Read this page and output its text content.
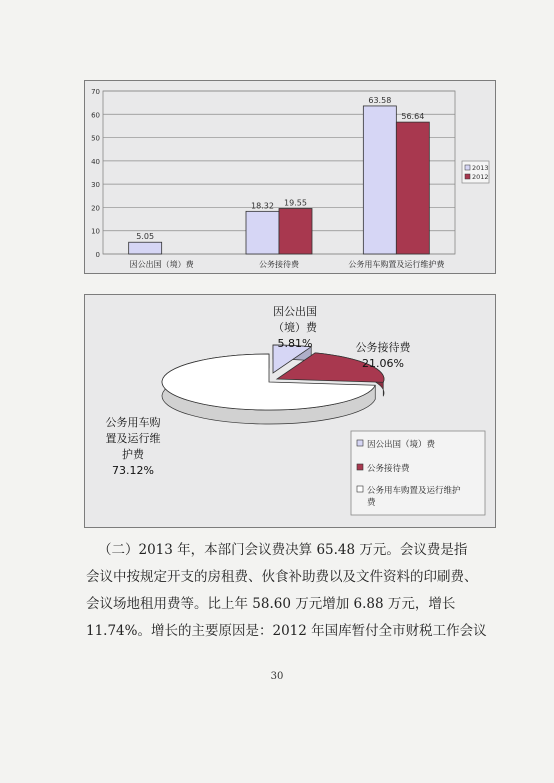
0
10
20
30
40
50
60
70
5.05
因公出国（境）费
18.32 19.55
公务接待费
63.58
56.64
公务用车购置及运行维护费
2013
2012
因公出国
（境）费
5.81%	公务接待费
21.06%
公务用车购
置及运行维
护费
73.12%
因公出国（境）费
公务接待费
公务用车购置及运行维护
费

（二）2013 年，本部门会议费决算 65.48 万元。会议费是指

会议中按规定开支的房租费、伙食补助费以及文件资料的印刷费、

会议场地租用费等。比上年 58.60 万元增加 6.88 万元，增长

11.74%。增长的主要原因是：2012 年国库暂付全市财税工作会议

30
